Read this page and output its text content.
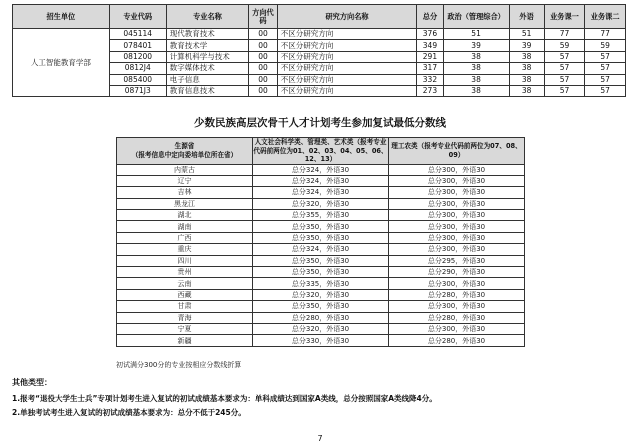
招生单位	专业代码	专业名称	方向代码	研究方向名称	总分	政治（管理综合）	外语	业务课一	业务课二
人工智能教育学部	045114	现代教育技术	00	不区分研究方向	376	51	51	77	77
	078401	教育技术学	00	不区分研究方向	349	39	39	59	59
	081200	计算机科学与技术	00	不区分研究方向	291	38	38	57	57
	0812J4	数字媒体技术	00	不区分研究方向	317	38	38	57	57
	085400	电子信息	00	不区分研究方向	332	38	38	57	57
	0871J3	教育信息技术	00	不区分研究方向	273	38	38	57	57

少数民族高层次骨干人才计划考生参加复试最低分数线

生源省
（报考信息中定向委培单位所在省）	人文社会科学类、管理类、艺术类（报考专业代码前两位为01、02、03、04、05、06、12、13）	理工农类（报考专业代码前两位为07、08、09）
内蒙古	总分324，外语30	总分300，外语30
辽宁	总分324，外语30	总分300，外语30
吉林	总分324，外语30	总分300，外语30
黑龙江	总分320，外语30	总分300，外语30
湖北	总分355，外语30	总分300，外语30
湖南	总分350，外语30	总分300，外语30
广西	总分350，外语30	总分300，外语30
重庆	总分324，外语30	总分300，外语30
四川	总分350，外语30	总分295，外语30
贵州	总分350，外语30	总分290，外语30
云南	总分335，外语30	总分300，外语30
西藏	总分320，外语30	总分280，外语30
甘肃	总分350，外语30	总分300，外语30
青海	总分280，外语30	总分280，外语30
宁夏	总分320，外语30	总分300，外语30
新疆	总分330，外语30	总分280，外语30

初试满分300分的专业按相应分数线折算

其他类型：

1.报考“退役大学生士兵”专项计划考生进入复试的初试成绩基本要求为：单科成绩达到国家A类线，总分按照国家A类线降4分。

2.单独考试考生进入复试的初试成绩基本要求为：总分不低于245分。

7
